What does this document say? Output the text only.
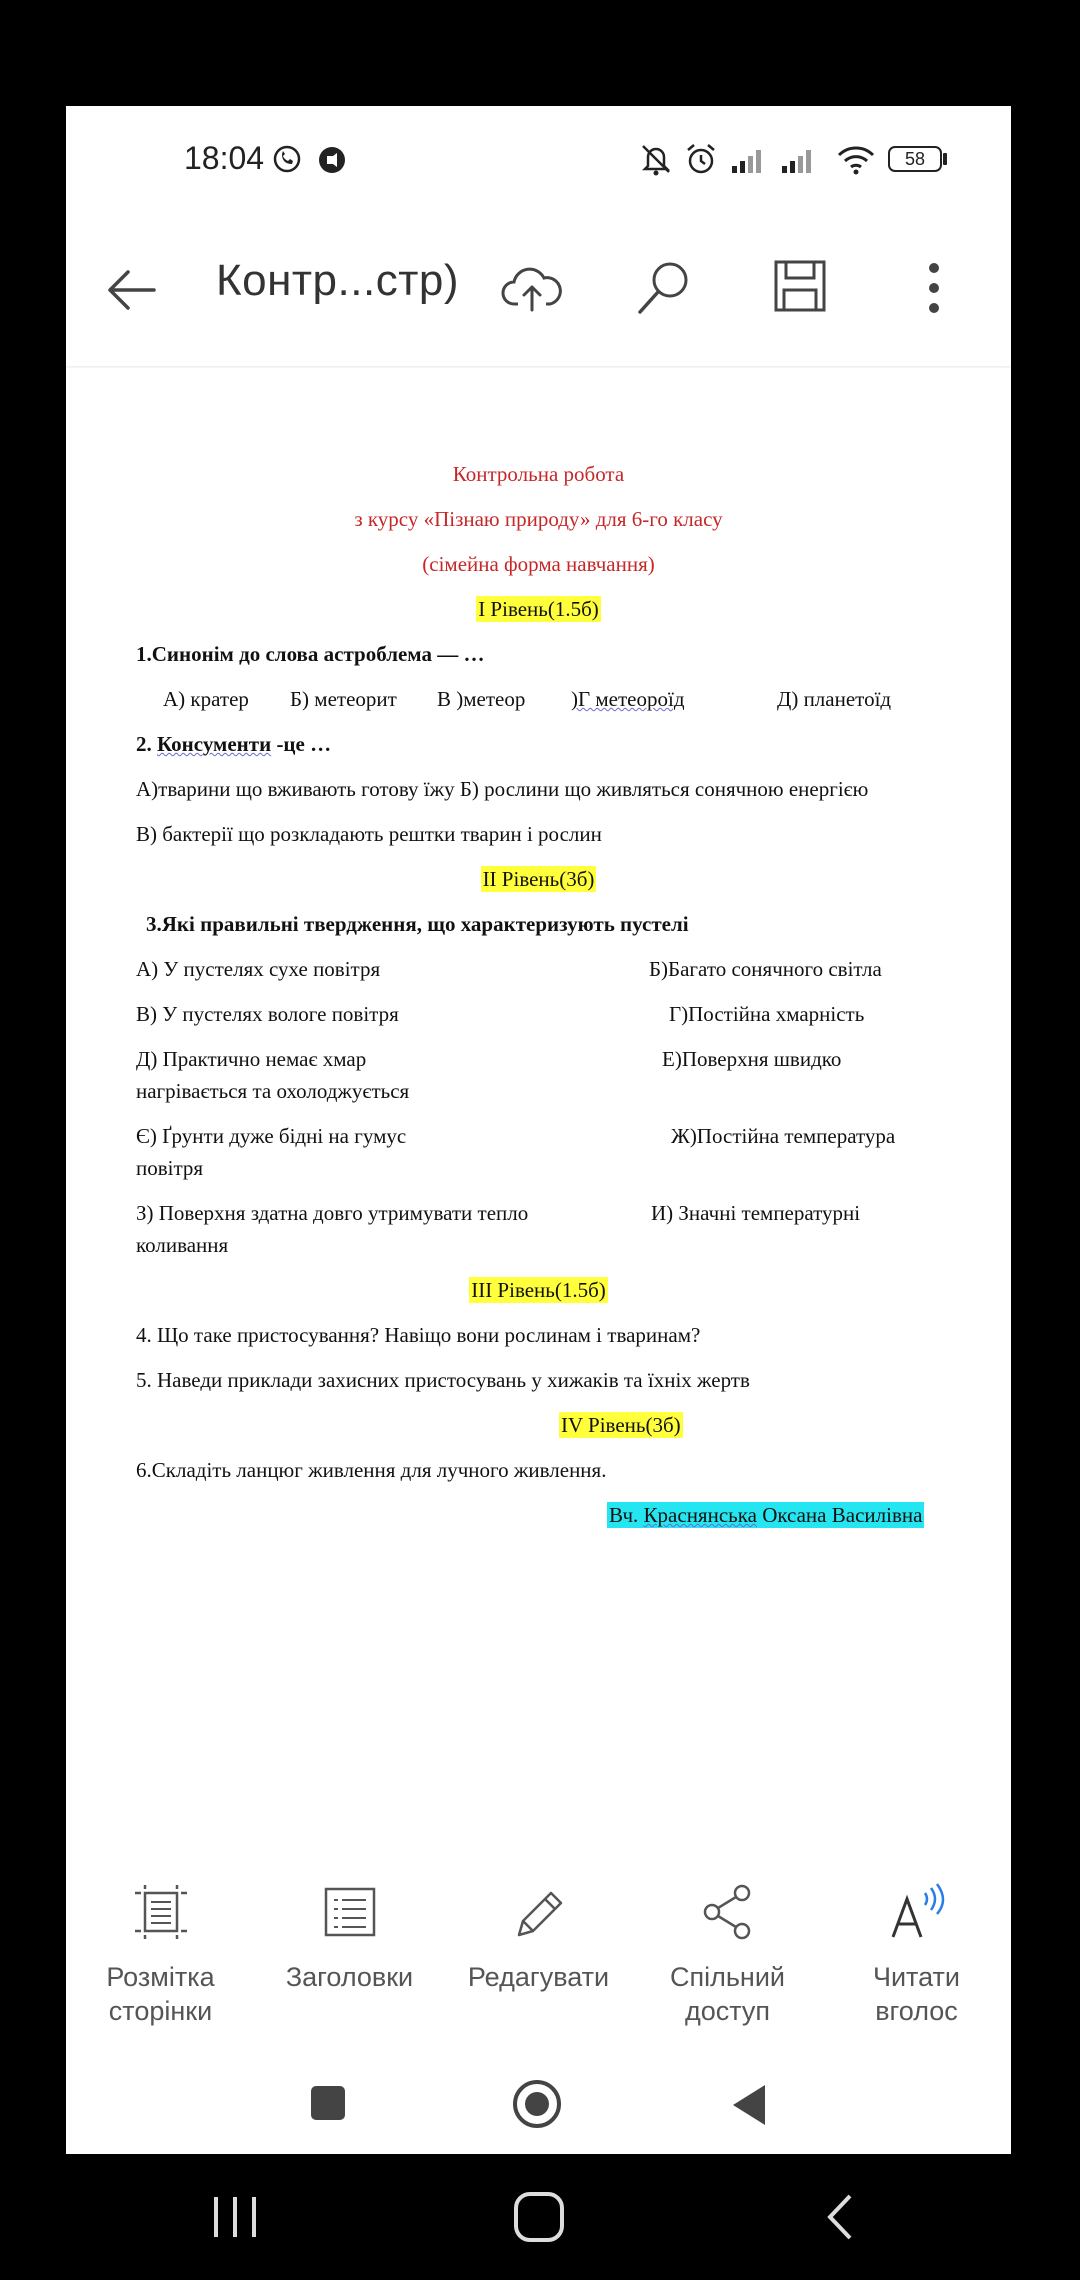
18:04	58
Контр...стр)
Контрольна робота
з курсу «Пізнаю природу» для 6-го класу
(сімейна форма навчання)
І Рівень(1.5б)
1.Синонім до слова астроблема — …
А) кратер Б) метеорит В )метеор )Г метеороїд	Д) планетоїд
2. Консументи -це …
А)тварини що вживають готову їжу Б) рослини що живляться сонячною енергією
В) бактерії що розкладають рештки тварин і рослин
ІІ Рівень(3б)
3.Які правильні твердження, що характеризують пустелі
А) У пустелях сухе повітря	Б)Багато сонячного світла
В) У пустелях вологе повітря	Г)Постійна хмарність
Д) Практично немає хмар	Е)Поверхня швидко
нагрівається та охолоджується
Є) Ґрунти дуже бідні на гумус	Ж)Постійна температура
повітря
З) Поверхня здатна довго утримувати тепло	И) Значні температурні
коливання
ІІІ Рівень(1.5б)
4. Що таке пристосування? Навіщо вони рослинам і тваринам?
5. Наведи приклади захисних пристосувань у хижаків та їхніх жертв
IV Рівень(3б)
6.Складіть ланцюг живлення для лучного живлення.
Вч. Краснянська Оксана Василівна
Розмітка
сторінки
Заголовки	Редагувати	Спільний
доступ
Читати
вголос
